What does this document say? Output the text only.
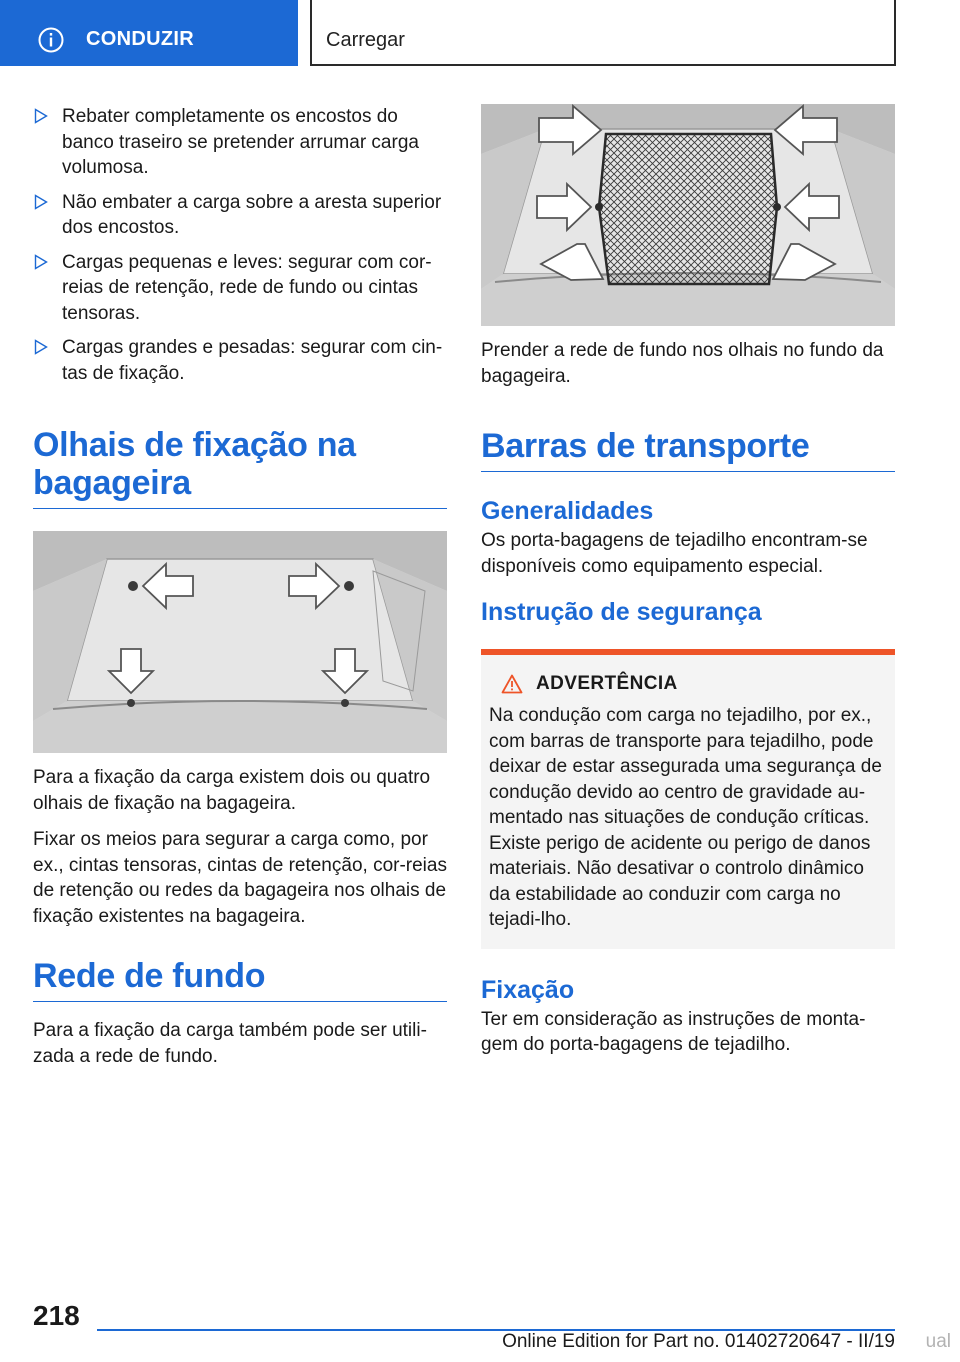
CONDUZIR	Carregar
Rebater completamente os encostos do banco traseiro se pretender arrumar carga volumosa.
Não embater a carga sobre a aresta superior dos encostos.
Cargas pequenas e leves: segurar com cor‐reias de retenção, rede de fundo ou cintas tensoras.
Cargas grandes e pesadas: segurar com cin‐tas de fixação.
Olhais de fixação na bagageira

Para a fixação da carga existem dois ou quatro olhais de fixação na bagageira.

Fixar os meios para segurar a carga como, por ex., cintas tensoras, cintas de retenção, cor‐reias de retenção ou redes da bagageira nos olhais de fixação existentes na bagageira.

Rede de fundo

Para a fixação da carga também pode ser utili‐zada a rede de fundo.

Prender a rede de fundo nos olhais no fundo da bagageira.

Barras de transporte
Generalidades

Os porta-bagagens de tejadilho encontram-se disponíveis como equipamento especial.

Instrução de segurança
ADVERTÊNCIA

Na condução com carga no tejadilho, por ex., com barras de transporte para tejadilho, pode deixar de estar assegurada uma segurança de condução devido ao centro de gravidade au‐mentado nas situações de condução críticas. Existe perigo de acidente ou perigo de danos materiais. Não desativar o controlo dinâmico da estabilidade ao conduzir com carga no tejadi‐lho.

Fixação

Ter em consideração as instruções de monta‐gem do porta-bagagens de tejadilho.

218
Online Edition for Part no. 01402720647 - II/19 ual
